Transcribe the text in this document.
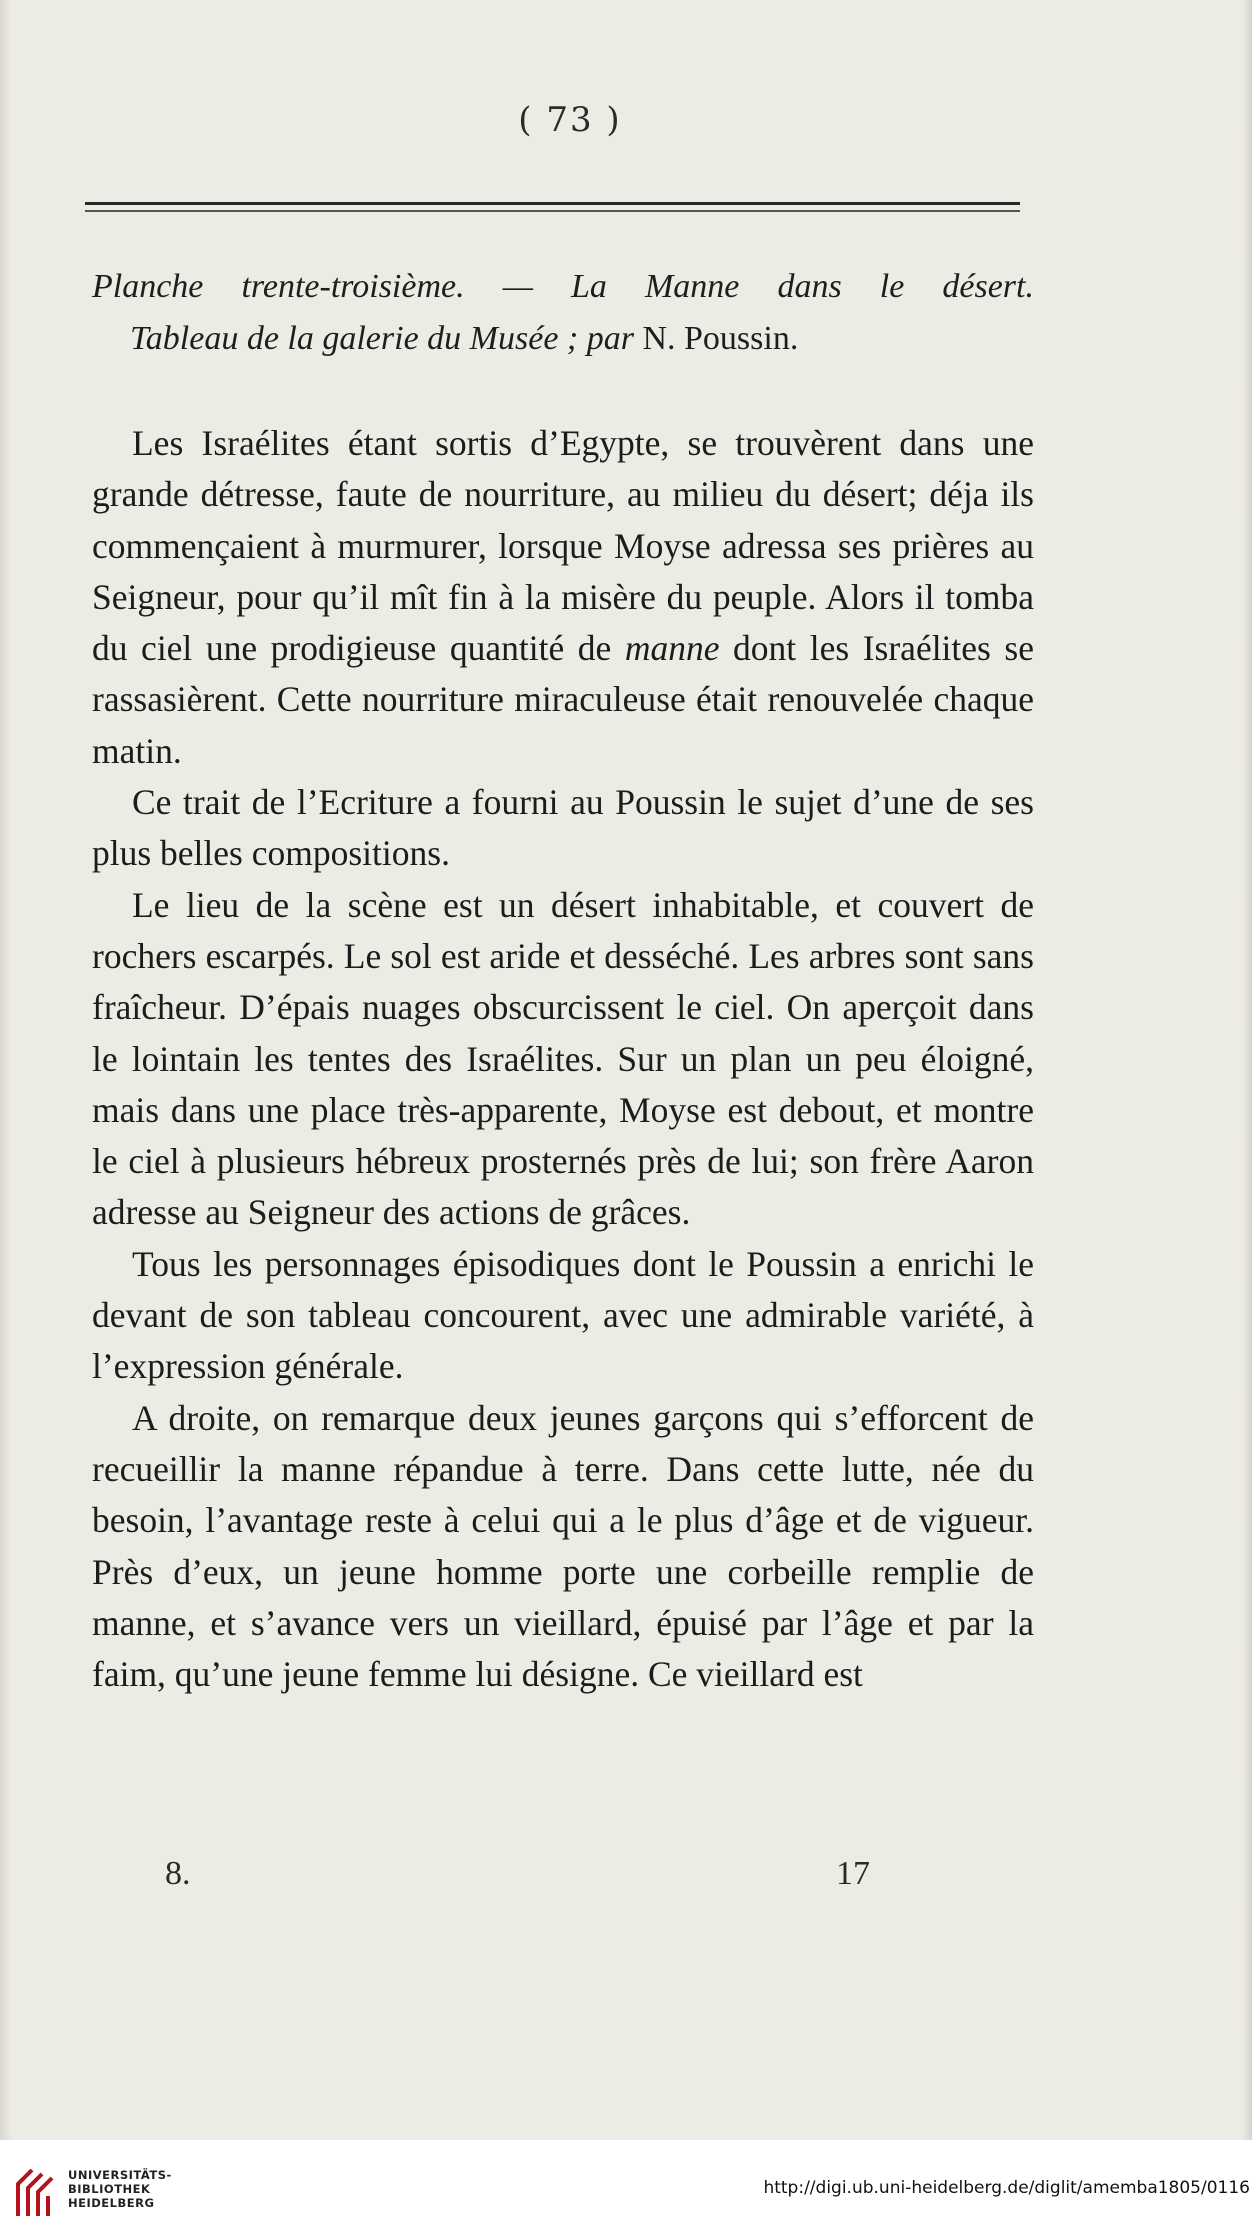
( 73 )
Planche trente-troisième. — La Manne dans le désert.
Tableau de la galerie du Musée ; par N. Poussin.

Les Israélites étant sortis d’Egypte, se trouvèrent dans une grande détresse, faute de nourriture, au milieu du désert; déja ils commençaient à murmurer, lorsque Moyse adressa ses prières au Seigneur, pour qu’il mît fin à la misère du peuple. Alors il tomba du ciel une prodigieuse quantité de manne dont les Israélites se rassasièrent. Cette nourriture miraculeuse était renouvelée chaque matin.

Ce trait de l’Ecriture a fourni au Poussin le sujet d’une de ses plus belles compositions.

Le lieu de la scène est un désert inhabitable, et couvert de rochers escarpés. Le sol est aride et desséché. Les arbres sont sans fraîcheur. D’épais nuages obscurcissent le ciel. On aperçoit dans le lointain les tentes des Israélites. Sur un plan un peu éloigné, mais dans une place très-apparente, Moyse est debout, et montre le ciel à plusieurs hébreux prosternés près de lui; son frère Aaron adresse au Seigneur des actions de grâces.

Tous les personnages épisodiques dont le Poussin a enrichi le devant de son tableau concourent, avec une admirable variété, à l’expression générale.

A droite, on remarque deux jeunes garçons qui s’efforcent de recueillir la manne répandue à terre. Dans cette lutte, née du besoin, l’avantage reste à celui qui a le plus d’âge et de vigueur. Près d’eux, un jeune homme porte une corbeille remplie de manne, et s’avance vers un vieillard, épuisé par l’âge et par la faim, qu’une jeune femme lui désigne. Ce vieillard est

8.	17
UNIVERSITÄTS-
BIBLIOTHEK
HEIDELBERG
http://digi.ub.uni-heidelberg.de/diglit/amemba1805/0116
